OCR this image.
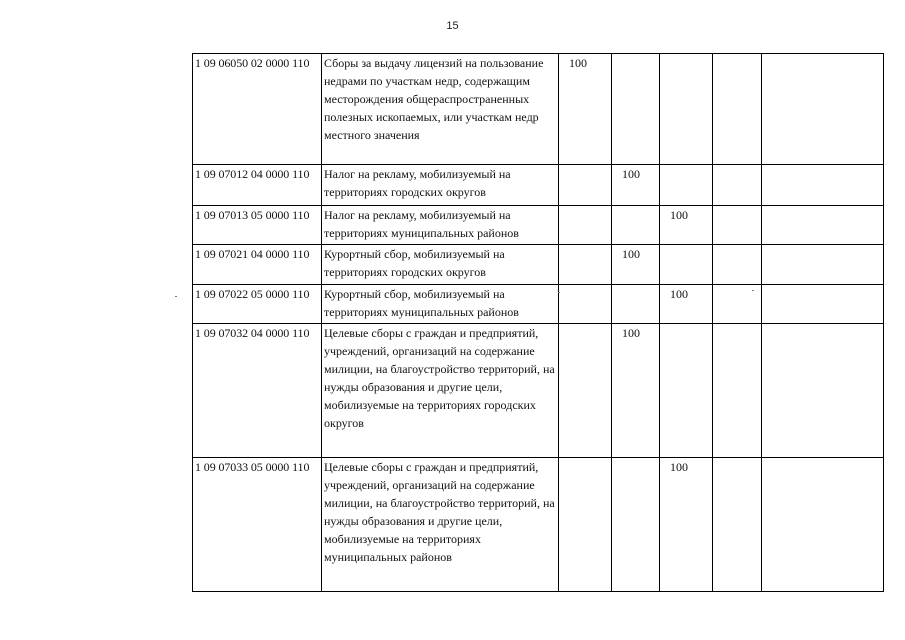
15
1 09 06050 02 0000 110	Сборы за выдачу лицензий на пользование недрами по участкам недр, содержащим месторождения общераспространенных полезных ископаемых, или участкам недр местного значения	100				
1 09 07012 04 0000 110	Налог на рекламу, мобилизуемый на территориях городских округов		100			
1 09 07013 05 0000 110	Налог на рекламу, мобилизуемый на территориях муниципальных районов			100		
1 09 07021 04 0000 110	Курортный сбор, мобилизуемый на территориях городских округов		100			
1 09 07022 05 0000 110	Курортный сбор, мобилизуемый на территориях муниципальных районов			100		
1 09 07032 04 0000 110	Целевые сборы с граждан и предприятий, учреждений, организаций на содержание милиции, на благоустройство территорий, на нужды образования и другие цели, мобилизуемые на территориях городских округов		100			
1 09 07033 05 0000 110	Целевые сборы с граждан и предприятий, учреждений, организаций на содержание милиции, на благоустройство территорий, на нужды образования и другие цели, мобилизуемые на территориях муниципальных районов			100		
